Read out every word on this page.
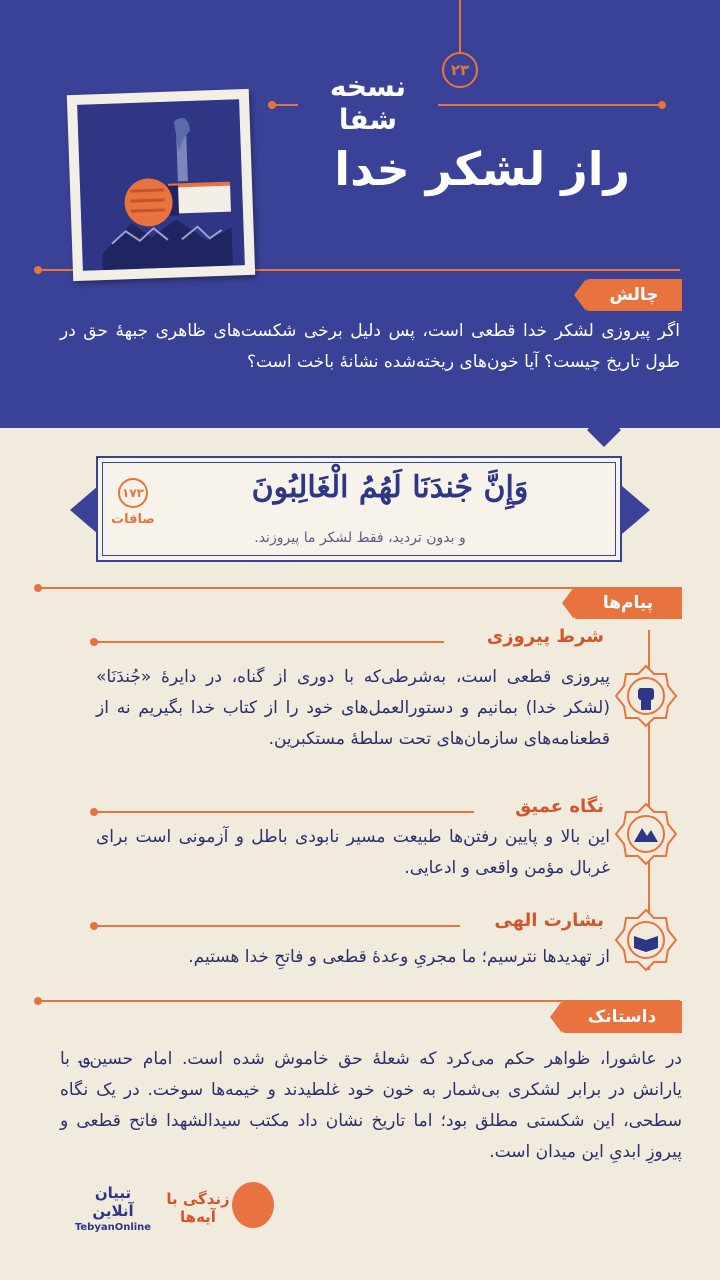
۲۳
نسخه شفا
راز لشکر خدا
چالش
اگر پیروزی لشکر خدا قطعی است، پس دلیل برخی شکست‌های ظاهری جبههٔ حق در طول تاریخ چیست؟ آیا خون‌های ریخته‌شده نشانهٔ باخت است؟
وَإِنَّ جُندَنَا لَهُمُ الْغَالِبُونَ
و بدون تردید، فقط لشکر ما پیروزند.
۱۷۳
صافات
پیام‌ها
شرط پیروزی
پیروزی قطعی است، به‌شرطی‌که با دوری از گناه، در دایرهٔ «جُندَنَا» (لشکر خدا) بمانیم و دستورالعمل‌های خود را از کتاب خدا بگیریم نه از قطعنامه‌های سازمان‌های تحت سلطهٔ مستکبرین.
نگاه عمیق
این بالا و پایین رفتن‌ها طبیعت مسیر نابودی باطل و آزمونی است برای غربال مؤمن واقعی و ادعایی.
بشارت الهی
از تهدیدها نترسیم؛ ما مجریِ وعدهٔ قطعی و فاتحِ خدا هستیم.
داستانک
در عاشورا، ظواهر حکم می‌کرد که شعلهٔ حق خاموش شده است. امام حسین‌؈ با یارانش در برابر لشکری بی‌شمار به خون خود غلطیدند و خیمه‌ها سوخت. در یک نگاه سطحی، این شکستی مطلق بود؛ اما تاریخ نشان داد مکتب سیدالشهدا فاتح قطعی و پیروزِ ابدیِ این میدان است.
تبیان آنلاین
TebyanOnline
زندگی با آیه‌ها
